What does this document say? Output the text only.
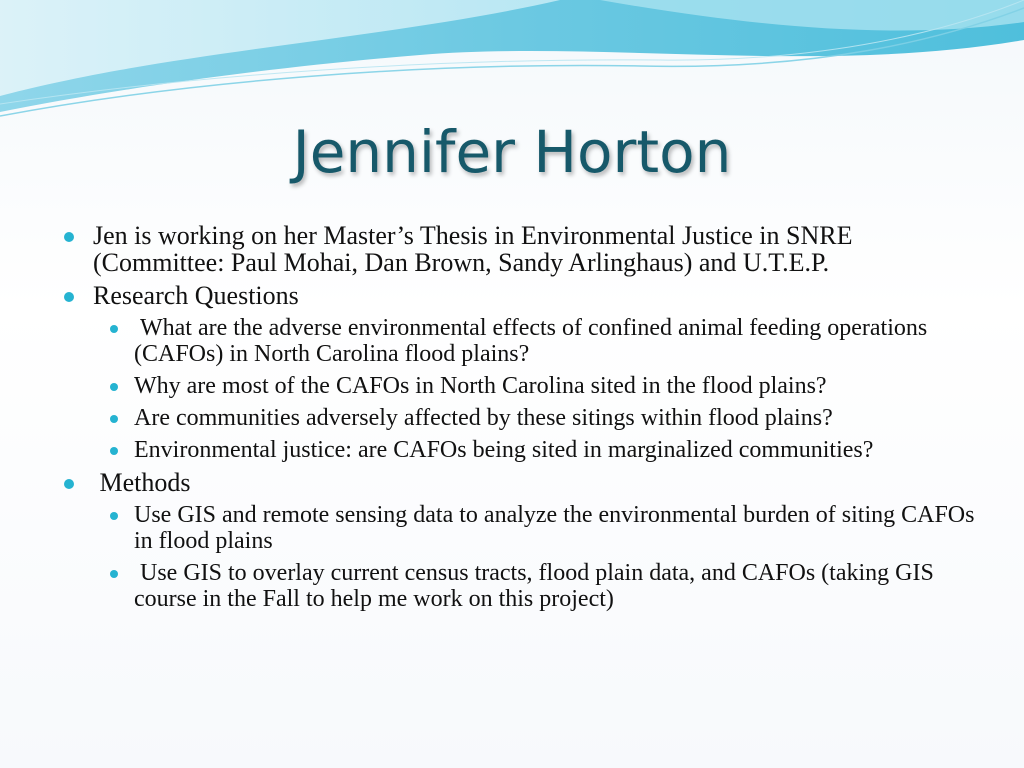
Jennifer Horton
Jen is working on her Master’s Thesis in Environmental Justice in SNRE (Committee: Paul Mohai, Dan Brown, Sandy Arlinghaus) and U.T.E.P.
Research Questions
What are the adverse environmental effects of confined animal feeding operations (CAFOs) in North Carolina flood plains?
Why are most of the CAFOs in North Carolina sited in the flood plains?
Are communities adversely affected by these sitings within flood plains?
Environmental justice: are CAFOs being sited in marginalized communities?
Methods
Use GIS and remote sensing data to analyze the environmental burden of siting CAFOs in flood plains
Use GIS to overlay current census tracts, flood plain data, and CAFOs (taking GIS course in the Fall to help me work on this project)
